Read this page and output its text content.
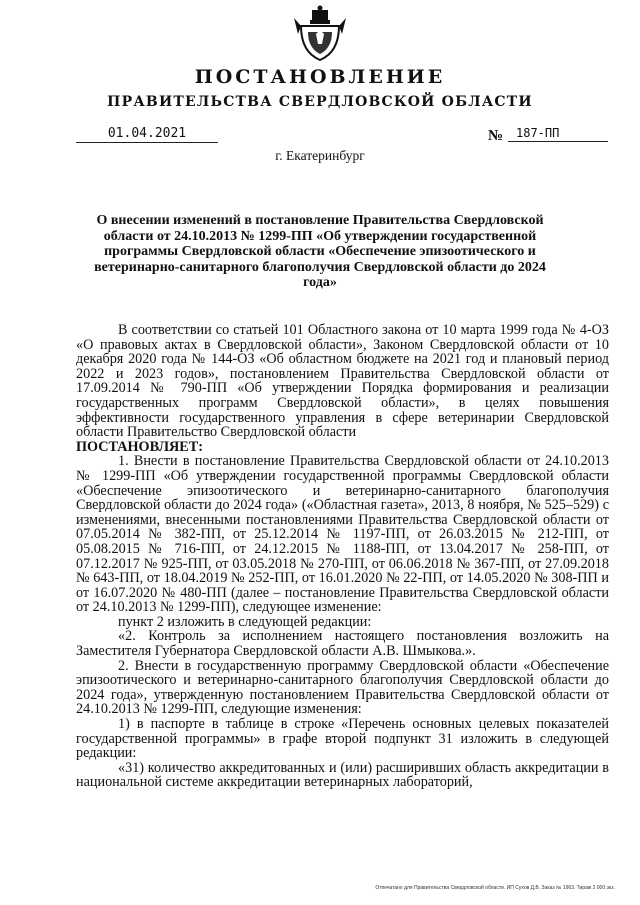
ПОСТАНОВЛЕНИЕ
ПРАВИТЕЛЬСТВА СВЕРДЛОВСКОЙ ОБЛАСТИ
01.04.2021	№	187-ПП
г. Екатеринбург
О внесении изменений в постановление Правительства Свердловской области от 24.10.2013 № 1299-ПП «Об утверждении государственной программы Свердловской области «Обеспечение эпизоотического и ветеринарно-санитарного благополучия Свердловской области до 2024 года»

В соответствии со статьей 101 Областного закона от 10 марта 1999 года № 4-ОЗ «О правовых актах в Свердловской области», Законом Свердловской области от 10 декабря 2020 года № 144-ОЗ «Об областном бюджете на 2021 год и плановый период 2022 и 2023 годов», постановлением Правительства Свердловской области от 17.09.2014 № 790-ПП «Об утверждении Порядка формирования и реализации государственных программ Свердловской области», в целях повышения эффективности государственного управления в сфере ветеринарии Свердловской области Правительство Свердловской области

ПОСТАНОВЛЯЕТ:

1. Внести в постановление Правительства Свердловской области от 24.10.2013 № 1299-ПП «Об утверждении государственной программы Свердловской области «Обеспечение эпизоотического и ветеринарно-санитарного благополучия Свердловской области до 2024 года» («Областная газета», 2013, 8 ноября, № 525–529) с изменениями, внесенными постановлениями Правительства Свердловской области от 07.05.2014 № 382-ПП, от 25.12.2014 № 1197-ПП, от 26.03.2015 № 212-ПП, от 05.08.2015 № 716-ПП, от 24.12.2015 № 1188-ПП, от 13.04.2017 № 258-ПП, от 07.12.2017 № 925-ПП, от 03.05.2018 № 270-ПП, от 06.06.2018 № 367-ПП, от 27.09.2018 № 643-ПП, от 18.04.2019 № 252-ПП, от 16.01.2020 № 22-ПП, от 14.05.2020 № 308-ПП и от 16.07.2020 № 480-ПП (далее – постановление Правительства Свердловской области от 24.10.2013 № 1299-ПП), следующее изменение:

пункт 2 изложить в следующей редакции:

«2. Контроль за исполнением настоящего постановления возложить на Заместителя Губернатора Свердловской области А.В. Шмыкова.».

2. Внести в государственную программу Свердловской области «Обеспечение эпизоотического и ветеринарно-санитарного благополучия Свердловской области до 2024 года», утвержденную постановлением Правительства Свердловской области от 24.10.2013 № 1299-ПП, следующие изменения:

1) в паспорте в таблице в строке «Перечень основных целевых показателей государственной программы» в графе второй подпункт 31 изложить в следующей редакции:

«31) количество аккредитованных и (или) расширивших область аккредитации в национальной системе аккредитации ветеринарных лабораторий,

Отпечатано для Правительства Свердловской области. ИП Сухов Д.В. Заказ № 1963. Тираж 2 000 экз.
